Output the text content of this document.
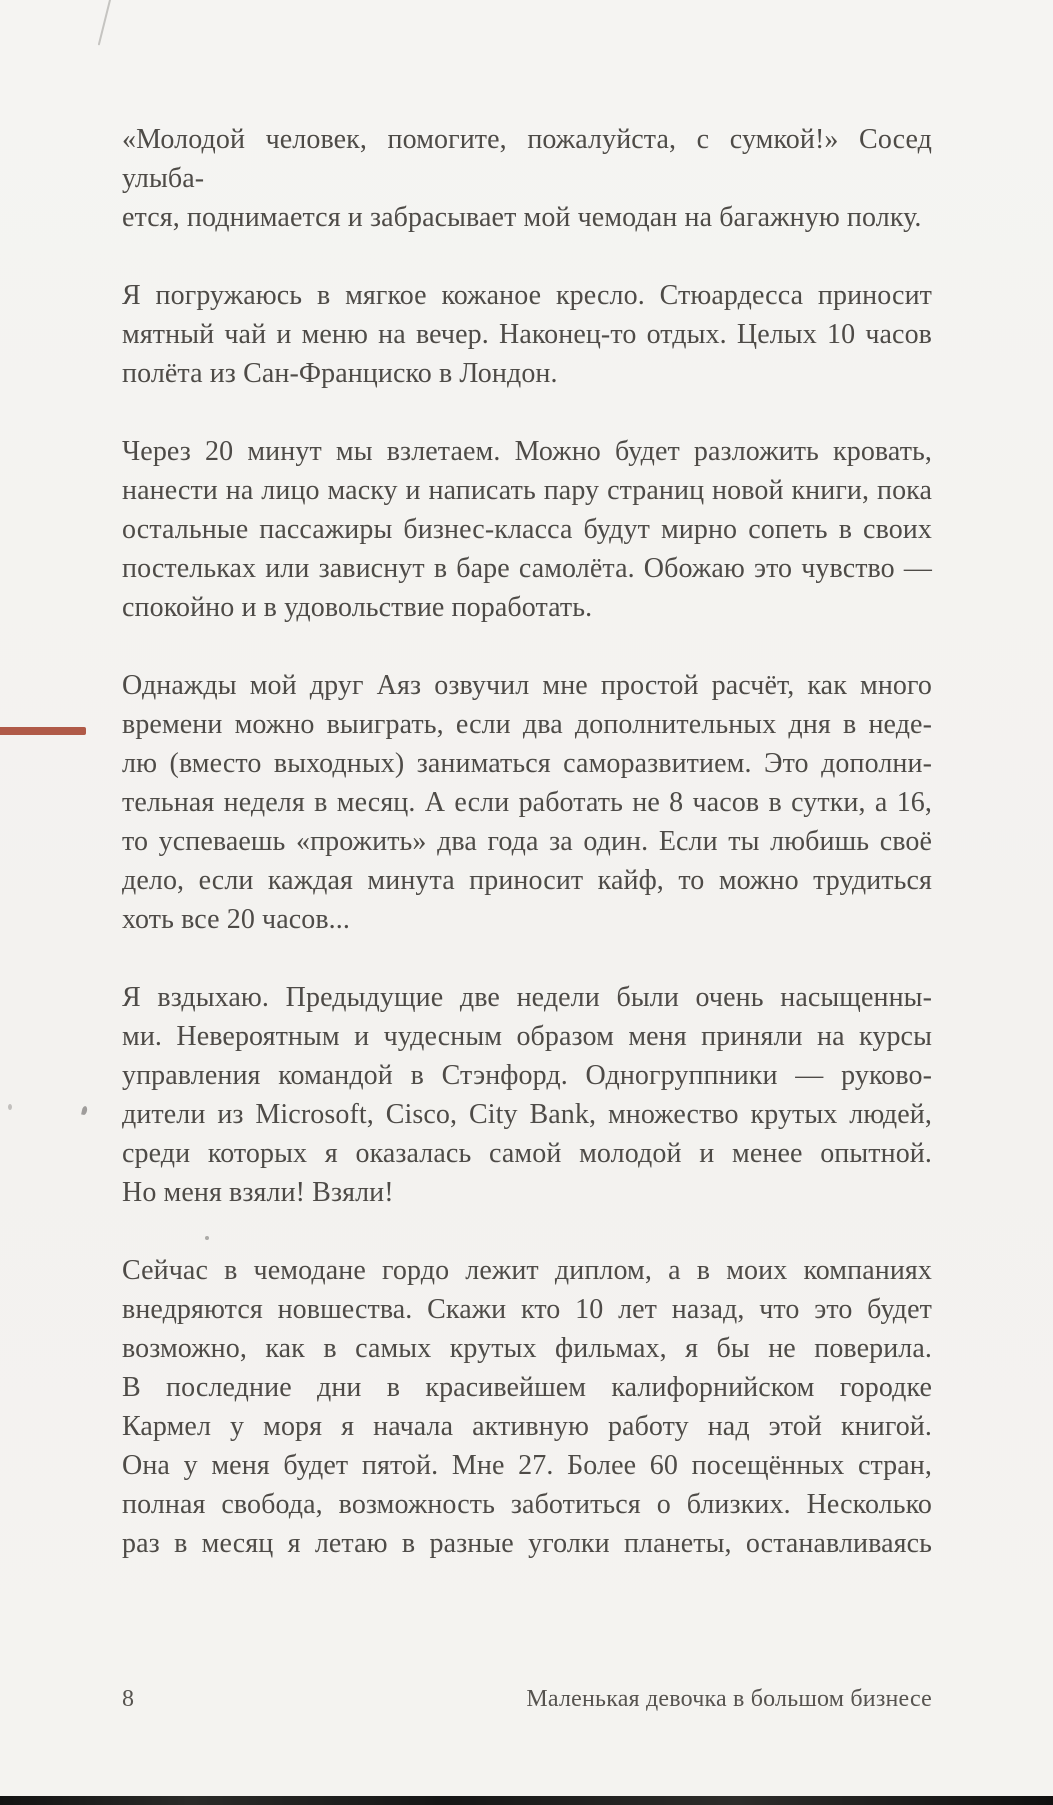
«Молодой человек, помогите, пожалуйста, с сумкой!» Сосед улыба-
ется, поднимается и забрасывает мой чемодан на багажную полку.
Я погружаюсь в мягкое кожаное кресло. Стюардесса приносит
мятный чай и меню на вечер. Наконец-то отдых. Целых 10 часов
полёта из Сан-Франциско в Лондон.
Через 20 минут мы взлетаем. Можно будет разложить кровать,
нанести на лицо маску и написать пару страниц новой книги, пока
остальные пассажиры бизнес-класса будут мирно сопеть в своих
постельках или зависнут в баре самолёта. Обожаю это чувство —
спокойно и в удовольствие поработать.
Однажды мой друг Аяз озвучил мне простой расчёт, как много
времени можно выиграть, если два дополнительных дня в неде-
лю (вместо выходных) заниматься саморазвитием. Это дополни-
тельная неделя в месяц. А если работать не 8 часов в сутки, а 16,
то успеваешь «прожить» два года за один. Если ты любишь своё
дело, если каждая минута приносит кайф, то можно трудиться
хоть все 20 часов...
Я вздыхаю. Предыдущие две недели были очень насыщенны-
ми. Невероятным и чудесным образом меня приняли на курсы
управления командой в Стэнфорд. Одногруппники — руково-
дители из Microsoft, Cisco, City Bank, множество крутых людей,
среди которых я оказалась самой молодой и менее опытной.
Но меня взяли! Взяли!
Сейчас в чемодане гордо лежит диплом, а в моих компаниях
внедряются новшества. Скажи кто 10 лет назад, что это будет
возможно, как в самых крутых фильмах, я бы не поверила.
В последние дни в красивейшем калифорнийском городке
Кармел у моря я начала активную работу над этой книгой.
Она у меня будет пятой. Мне 27. Более 60 посещённых стран,
полная свобода, возможность заботиться о близких. Несколько
раз в месяц я летаю в разные уголки планеты, останавливаясь
8	Маленькая девочка в большом бизнесе
